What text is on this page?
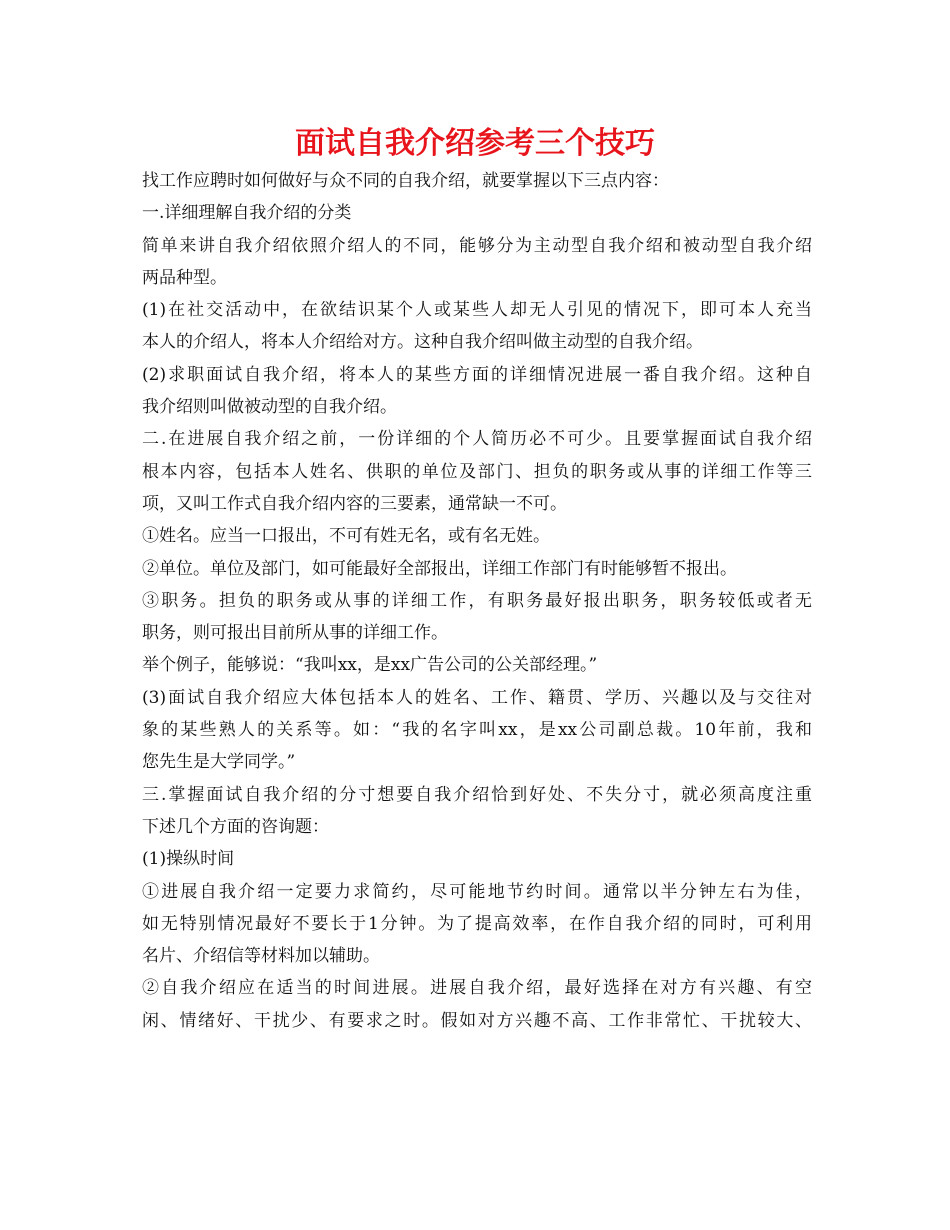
面试自我介绍参考三个技巧
找工作应聘时如何做好与众不同的自我介绍，就要掌握以下三点内容：
一.详细理解自我介绍的分类
简单来讲自我介绍依照介绍人的不同，能够分为主动型自我介绍和被动型自我介绍
两品种型。
(1)在社交活动中，在欲结识某个人或某些人却无人引见的情况下，即可本人充当
本人的介绍人，将本人介绍给对方。这种自我介绍叫做主动型的自我介绍。
(2)求职面试自我介绍，将本人的某些方面的详细情况进展一番自我介绍。这种自
我介绍则叫做被动型的自我介绍。
二.在进展自我介绍之前，一份详细的个人简历必不可少。且要掌握面试自我介绍
根本内容，包括本人姓名、供职的单位及部门、担负的职务或从事的详细工作等三
项，又叫工作式自我介绍内容的三要素，通常缺一不可。
①姓名。应当一口报出，不可有姓无名，或有名无姓。
②单位。单位及部门，如可能最好全部报出，详细工作部门有时能够暂不报出。
③职务。担负的职务或从事的详细工作，有职务最好报出职务，职务较低或者无
职务，则可报出目前所从事的详细工作。
举个例子，能够说：“我叫xx，是xx广告公司的公关部经理。”
(3)面试自我介绍应大体包括本人的姓名、工作、籍贯、学历、兴趣以及与交往对
象的某些熟人的关系等。如：“我的名字叫xx，是xx公司副总裁。10年前，我和
您先生是大学同学。”
三.掌握面试自我介绍的分寸想要自我介绍恰到好处、不失分寸，就必须高度注重
下述几个方面的咨询题：
(1)操纵时间
①进展自我介绍一定要力求简约，尽可能地节约时间。通常以半分钟左右为佳，
如无特别情况最好不要长于1分钟。为了提高效率，在作自我介绍的同时，可利用
名片、介绍信等材料加以辅助。
②自我介绍应在适当的时间进展。进展自我介绍，最好选择在对方有兴趣、有空
闲、情绪好、干扰少、有要求之时。假如对方兴趣不高、工作非常忙、干扰较大、
